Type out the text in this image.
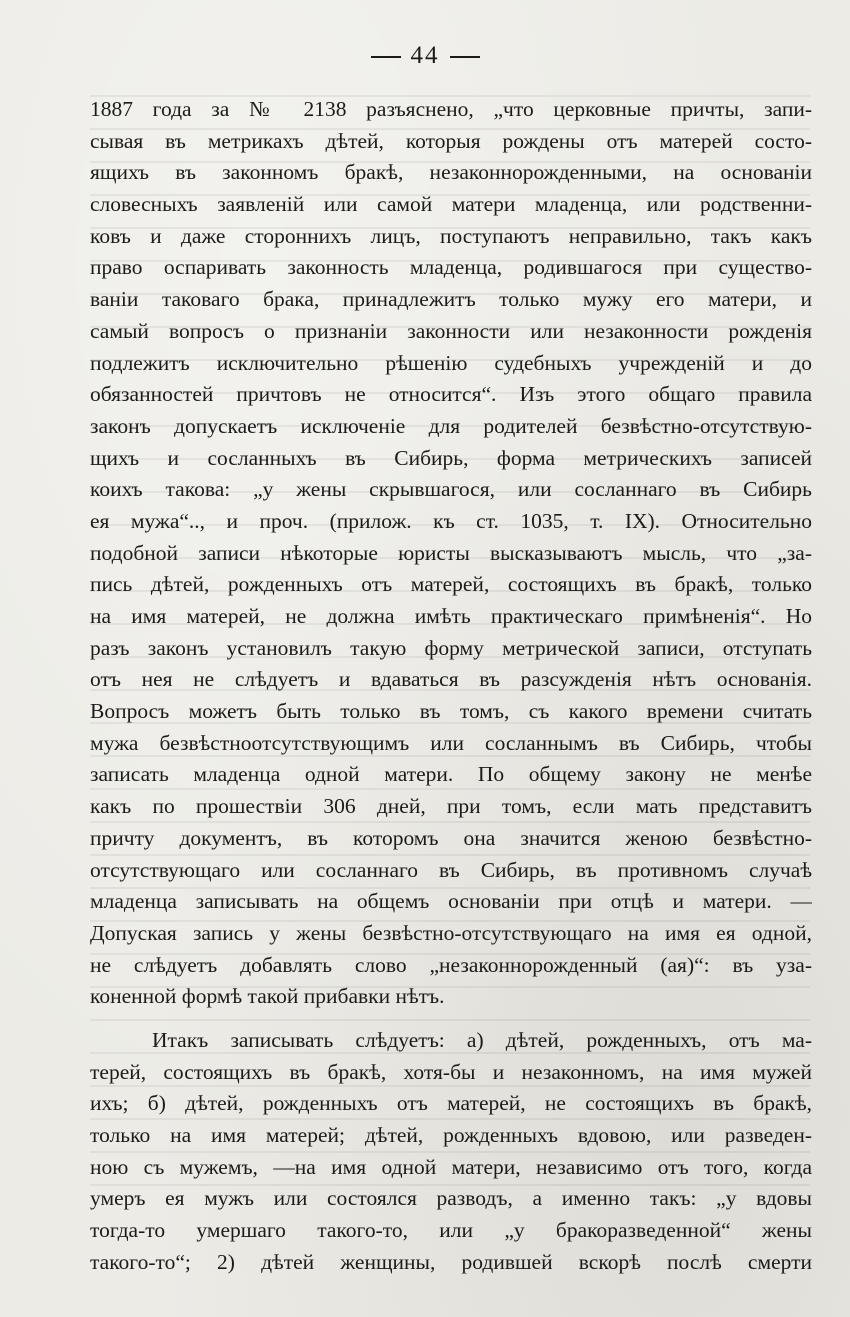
44
1887 года за № 2138 разъяснено, „что церковные причты, запи-
сывая въ метрикахъ дѣтей, которыя рождены отъ матерей состо-
ящихъ въ законномъ бракѣ, незаконнорожденными, на основаніи
словесныхъ заявленій или самой матери младенца, или родственни-
ковъ и даже стороннихъ лицъ, поступаютъ неправильно, такъ какъ
право оспаривать законность младенца, родившагося при существо-
ваніи таковаго брака, принадлежитъ только мужу его матери, и
самый вопросъ о признаніи законности или незаконности рожденія
подлежитъ исключительно рѣшенію судебныхъ учрежденій и до
обязанностей причтовъ не относится“. Изъ этого общаго правила
законъ допускаетъ исключеніе для родителей безвѣстно-отсутствую-
щихъ и сосланныхъ въ Сибирь, форма метрическихъ записей
коихъ такова: „у жены скрывшагося, или сосланнаго въ Сибирь
ея мужа“.., и проч. (прилож. къ ст. 1035, т. IX). Относительно
подобной записи нѣкоторые юристы высказываютъ мысль, что „за-
пись дѣтей, рожденныхъ отъ матерей, состоящихъ въ бракѣ, только
на имя матерей, не должна имѣть практическаго примѣненія“. Но
разъ законъ установилъ такую форму метрической записи, отступать
отъ нея не слѣдуетъ и вдаваться въ разсужденія нѣтъ основанія.
Вопросъ можетъ быть только въ томъ, съ какого времени считать
мужа безвѣстноотсутствующимъ или сосланнымъ въ Сибирь, чтобы
записать младенца одной матери. По общему закону не менѣе
какъ по прошествіи 306 дней, при томъ, если мать представитъ
причту документъ, въ которомъ она значится женою безвѣстно-
отсутствующаго или сосланнаго въ Сибирь, въ противномъ случаѣ
младенца записывать на общемъ основаніи при отцѣ и матери. —
Допуская запись у жены безвѣстно-отсутствующаго на имя ея одной,
не слѣдуетъ добавлять слово „незаконнорожденный (ая)“: въ уза-
коненной формѣ такой прибавки нѣтъ.
Итакъ записывать слѣдуетъ: а) дѣтей, рожденныхъ, отъ ма-
терей, состоящихъ въ бракѣ, хотя-бы и незаконномъ, на имя мужей
ихъ; б) дѣтей, рожденныхъ отъ матерей, не состоящихъ въ бракѣ,
только на имя матерей; дѣтей, рожденныхъ вдовою, или разведен-
ною съ мужемъ, —на имя одной матери, независимо отъ того, когда
умеръ ея мужъ или состоялся разводъ, а именно такъ: „у вдовы
тогда-то умершаго такого-то, или „у бракоразведенной“ жены
такого-то“; 2) дѣтей женщины, родившей вскорѣ послѣ смерти
